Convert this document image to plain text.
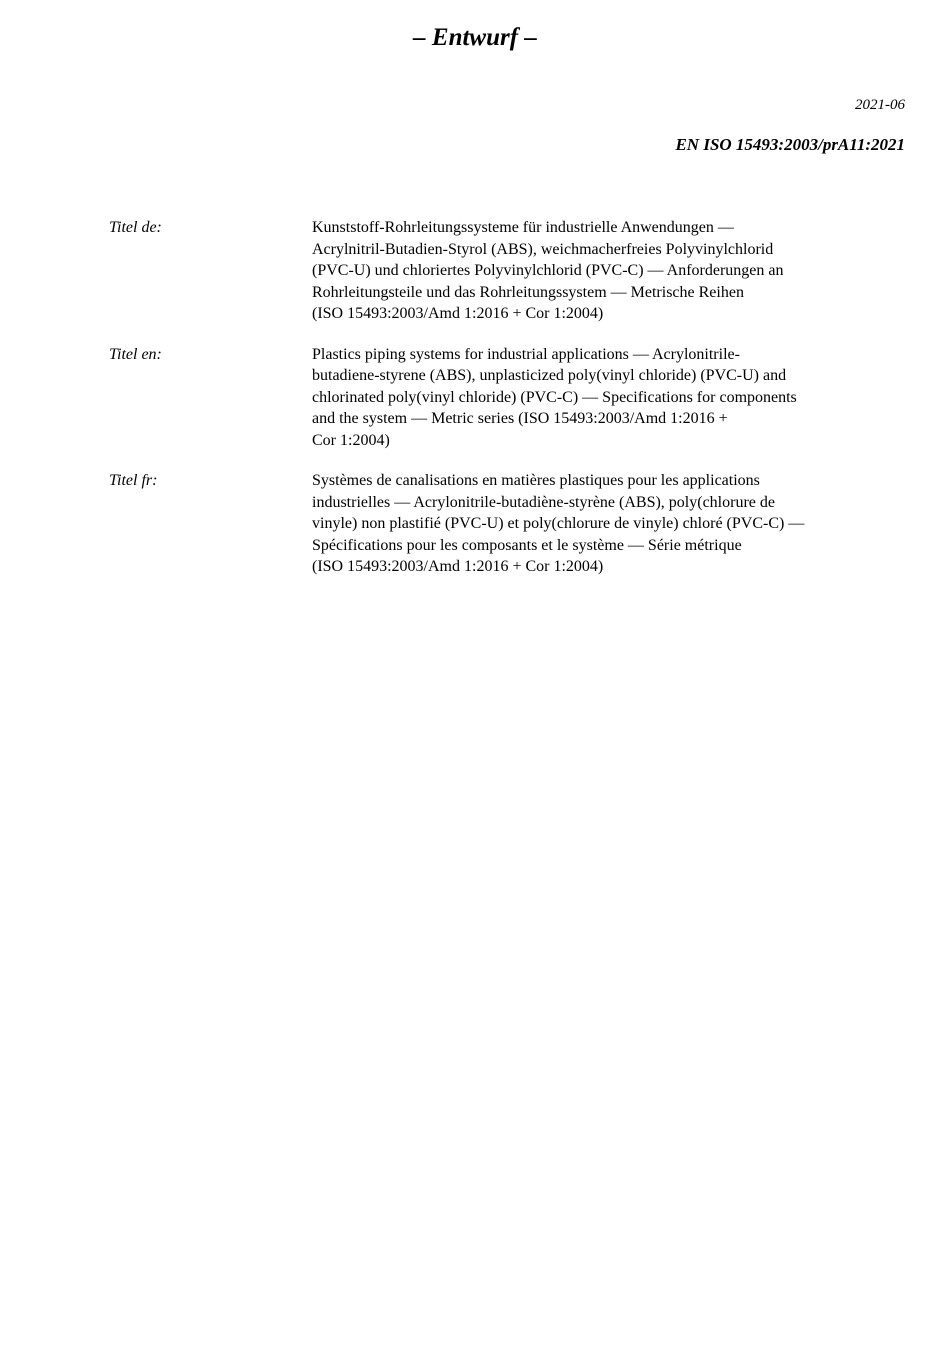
– Entwurf –
2021-06
EN ISO 15493:2003/prA11:2021
Titel de:	Kunststoff-Rohrleitungssysteme für industrielle Anwendungen —
Acrylnitril-Butadien-Styrol (ABS), weichmacherfreies Polyvinylchlorid
(PVC-U) und chloriertes Polyvinylchlorid (PVC-C) — Anforderungen an
Rohrleitungsteile und das Rohrleitungssystem — Metrische Reihen
(ISO 15493:2003/Amd 1:2016 + Cor 1:2004)
Titel en:	Plastics piping systems for industrial applications — Acrylonitrile-
butadiene-styrene (ABS), unplasticized poly(vinyl chloride) (PVC-U) and
chlorinated poly(vinyl chloride) (PVC-C) — Specifications for components
and the system — Metric series (ISO 15493:2003/Amd 1:2016 +
Cor 1:2004)
Titel fr:	Systèmes de canalisations en matières plastiques pour les applications
industrielles — Acrylonitrile-butadiène-styrène (ABS), poly(chlorure de
vinyle) non plastifié (PVC-U) et poly(chlorure de vinyle) chloré (PVC-C) —
Spécifications pour les composants et le système — Série métrique
(ISO 15493:2003/Amd 1:2016 + Cor 1:2004)
